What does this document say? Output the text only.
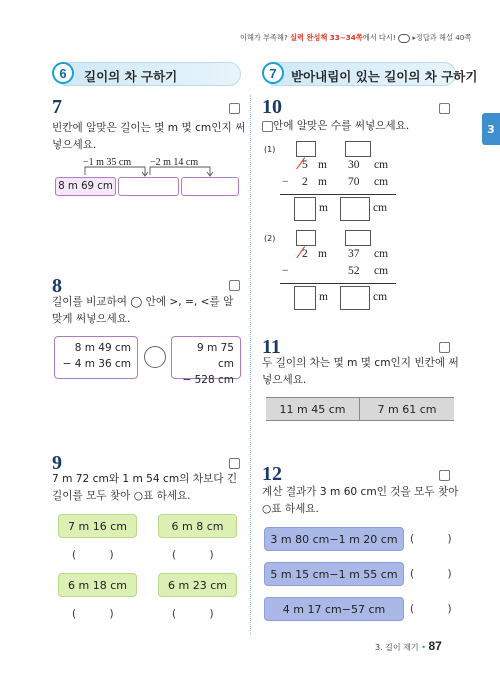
이해가 부족해? 실력 완성책 33~34쪽에서 다시! ▸정답과 해설 40쪽
3
6 길이의 차 구하기	7 받아내림이 있는 길이의 차 구하기
7
빈칸에 알맞은 길이는 몇 m 몇 cm인지 써
넣으세요.
−1 m 35 cm −2 m 14 cm
8 m 69 cm
8
길이를 비교하여 ◯ 안에 >, =, <를 알
맞게 써넣으세요.
8 m 49 cm
− 4 m 36 cm
9 m 75 cm
− 528 cm
9
7 m 72 cm와 1 m 54 cm의 차보다 긴
길이를 모두 찾아 ○표 하세요.
7 m 16 cm	6 m 8 cm
(          )	(          )
6 m 18 cm	6 m 23 cm
(          )	(          )
10
안에 알맞은 수를 써넣으세요.
(1)
5 m 30 cm
− 2 m 70 cm
m	cm
(2)
2 m 37 cm
−	52 cm
m	cm
11
두 길이의 차는 몇 m 몇 cm인지 빈칸에 써
넣으세요.
11 m 45 cm	7 m 61 cm
12
계산 결과가 3 m 60 cm인 것을 모두 찾아
○표 하세요.
3 m 80 cm−1 m 20 cm (          )
5 m 15 cm−1 m 55 cm (          )
4 m 17 cm−57 cm (          )
3. 길이 재기 • 87
